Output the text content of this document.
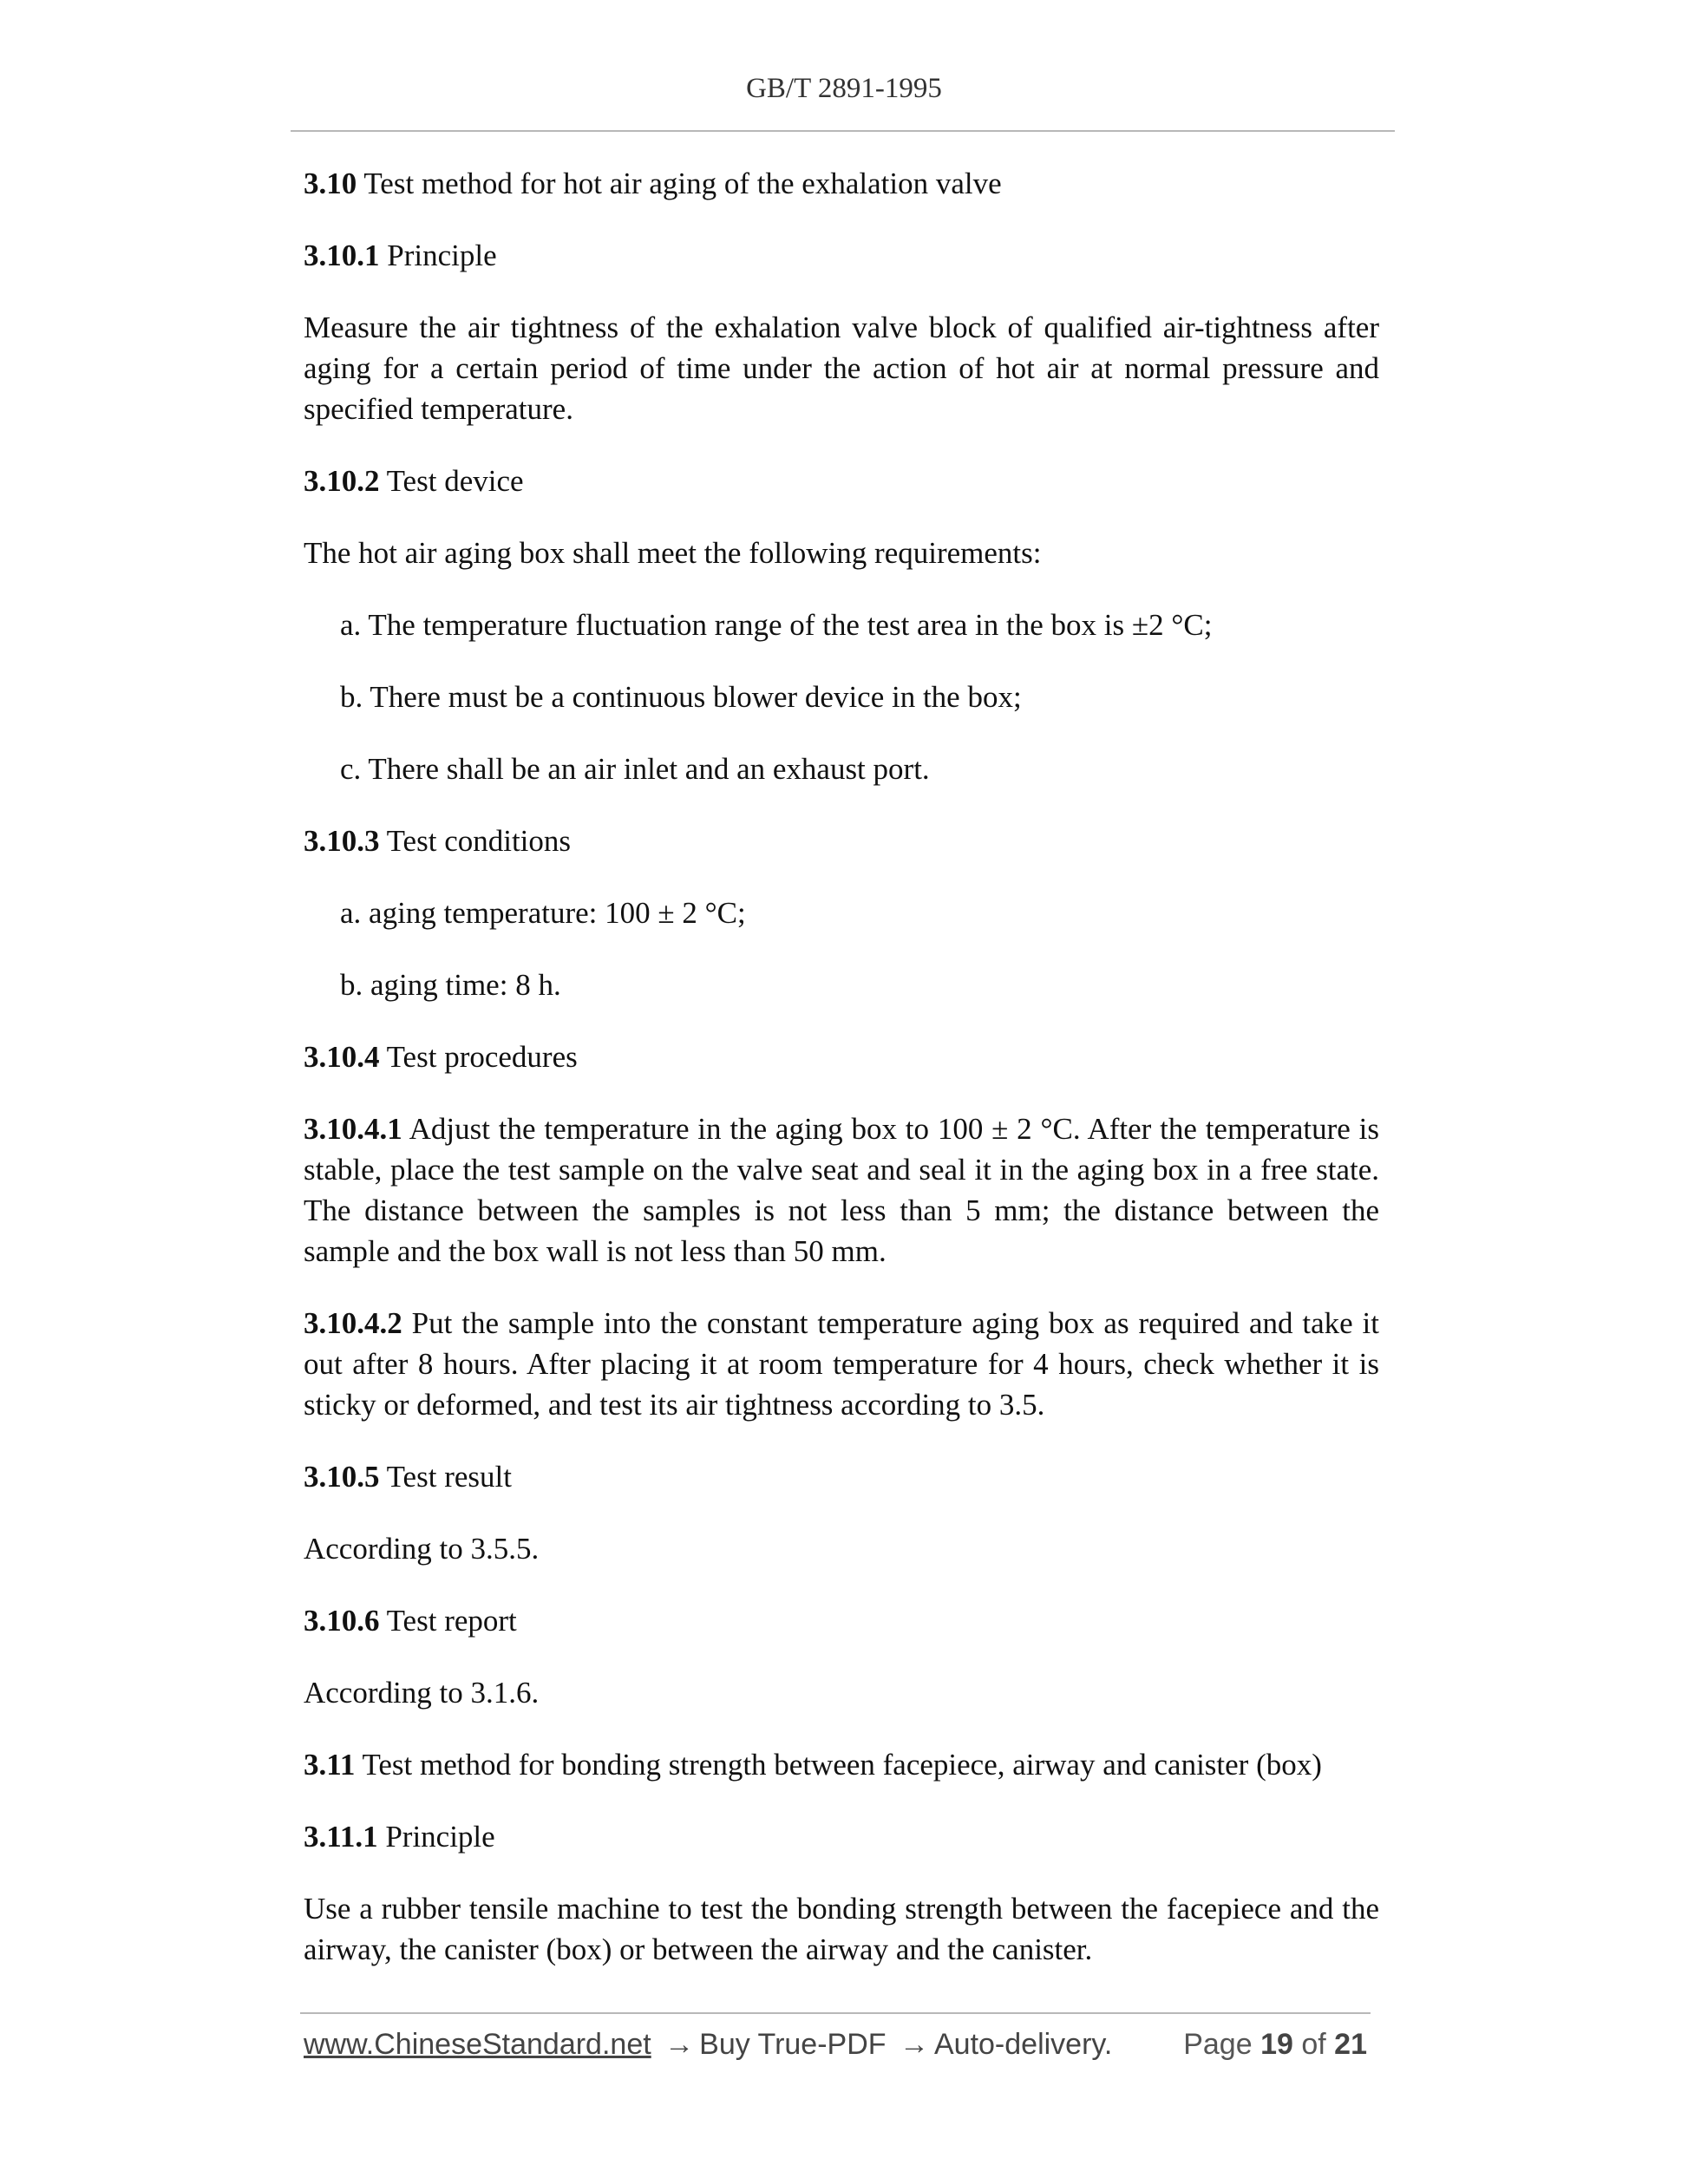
GB/T 2891-1995

3.10 Test method for hot air aging of the exhalation valve

3.10.1 Principle

Measure the air tightness of the exhalation valve block of qualified air-tightness after aging for a certain period of time under the action of hot air at normal pressure and specified temperature.

3.10.2 Test device

The hot air aging box shall meet the following requirements:

a. The temperature fluctuation range of the test area in the box is ±2 °C;

b. There must be a continuous blower device in the box;

c. There shall be an air inlet and an exhaust port.

3.10.3 Test conditions

a. aging temperature: 100 ± 2 °C;

b. aging time: 8 h.

3.10.4 Test procedures

3.10.4.1 Adjust the temperature in the aging box to 100 ± 2 °C. After the temperature is stable, place the test sample on the valve seat and seal it in the aging box in a free state. The distance between the samples is not less than 5 mm; the distance between the sample and the box wall is not less than 50 mm.

3.10.4.2 Put the sample into the constant temperature aging box as required and take it out after 8 hours. After placing it at room temperature for 4 hours, check whether it is sticky or deformed, and test its air tightness according to 3.5.

3.10.5 Test result

According to 3.5.5.

3.10.6 Test report

According to 3.1.6.

3.11 Test method for bonding strength between facepiece, airway and canister (box)

3.11.1 Principle

Use a rubber tensile machine to test the bonding strength between the facepiece and the airway, the canister (box) or between the airway and the canister.

www.ChineseStandard.net → Buy True-PDF → Auto-delivery. Page 19 of 21
